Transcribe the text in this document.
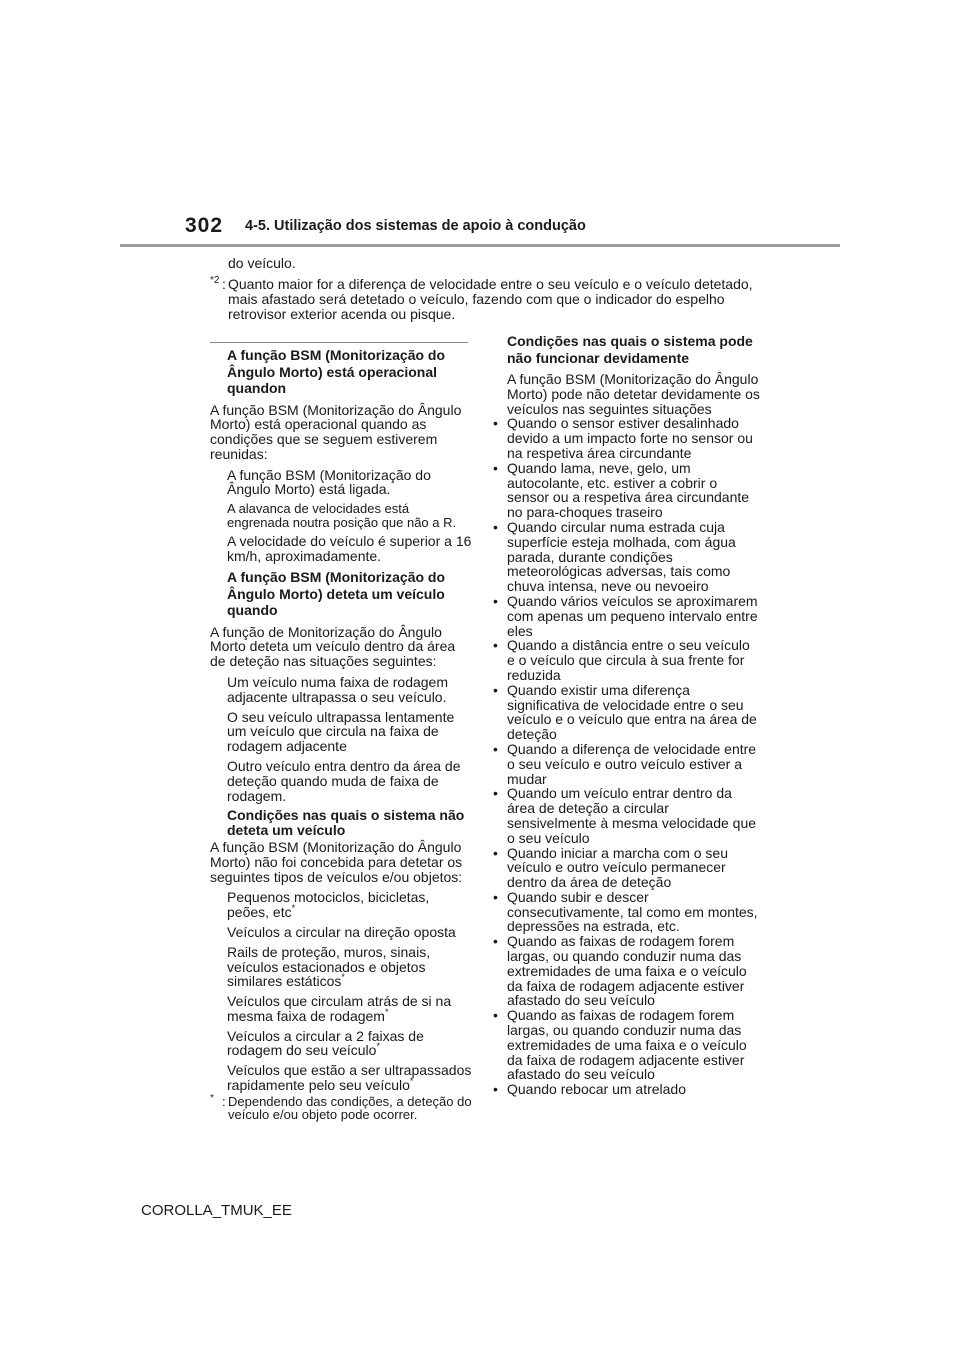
302 4-5. Utilização dos sistemas de apoio à condução
do veículo.
*2 : Quanto maior for a diferença de velocidade entre o seu veículo e o veículo detetado, mais afastado será detetado o veículo, fazendo com que o indicador do espelho retrovisor exterior acenda ou pisque.
A função BSM (Monitorização do Ângulo Morto) está operacional quandon
A função BSM (Monitorização do Ângulo Morto) está operacional quando as condições que se seguem estiverem reunidas:
A função BSM (Monitorização do Ângulo Morto) está ligada.
A alavanca de velocidades está engrenada noutra posição que não a R.
A velocidade do veículo é superior a 16 km/h, aproximadamente.
A função BSM (Monitorização do Ângulo Morto) deteta um veículo quando
A função de Monitorização do Ângulo Morto deteta um veículo dentro da área de deteção nas situações seguintes:
Um veículo numa faixa de rodagem adjacente ultrapassa o seu veículo.
O seu veículo ultrapassa lentamente um veículo que circula na faixa de rodagem adjacente
Outro veículo entra dentro da área de deteção quando muda de faixa de rodagem.
Condições nas quais o sistema não deteta um veículo
A função BSM (Monitorização do Ângulo Morto) não foi concebida para detetar os seguintes tipos de veículos e/ou objetos:
Pequenos motociclos, bicicletas, peões, etc*
Veículos a circular na direção oposta
Rails de proteção, muros, sinais, veículos estacionados e objetos similares estáticos*
Veículos que circulam atrás de si na mesma faixa de rodagem*
Veículos a circular a 2 faixas de rodagem do seu veículo*
Veículos que estão a ser ultrapassados rapidamente pelo seu veículo*
* : Dependendo das condições, a deteção do veículo e/ou objeto pode ocorrer.
Condições nas quais o sistema pode não funcionar devidamente
A função BSM (Monitorização do Ângulo Morto) pode não detetar devidamente os veículos nas seguintes situações
• Quando o sensor estiver desalinhado devido a um impacto forte no sensor ou na respetiva área circundante
• Quando lama, neve, gelo, um autocolante, etc. estiver a cobrir o sensor ou a respetiva área circundante no para-choques traseiro
• Quando circular numa estrada cuja superfície esteja molhada, com água parada, durante condições meteorológicas adversas, tais como chuva intensa, neve ou nevoeiro
• Quando vários veículos se aproximarem com apenas um pequeno intervalo entre eles
• Quando a distância entre o seu veículo e o veículo que circula à sua frente for reduzida
• Quando existir uma diferença significativa de velocidade entre o seu veículo e o veículo que entra na área de deteção
• Quando a diferença de velocidade entre o seu veículo e outro veículo estiver a mudar
• Quando um veículo entrar dentro da área de deteção a circular sensivelmente à mesma velocidade que o seu veículo
• Quando iniciar a marcha com o seu veículo e outro veículo permanecer dentro da área de deteção
• Quando subir e descer consecutivamente, tal como em montes, depressões na estrada, etc.
• Quando as faixas de rodagem forem largas, ou quando conduzir numa das extremidades de uma faixa e o veículo da faixa de rodagem adjacente estiver afastado do seu veículo
• Quando as faixas de rodagem forem largas, ou quando conduzir numa das extremidades de uma faixa e o veículo da faixa de rodagem adjacente estiver afastado do seu veículo
• Quando rebocar um atrelado
COROLLA_TMUK_EE
